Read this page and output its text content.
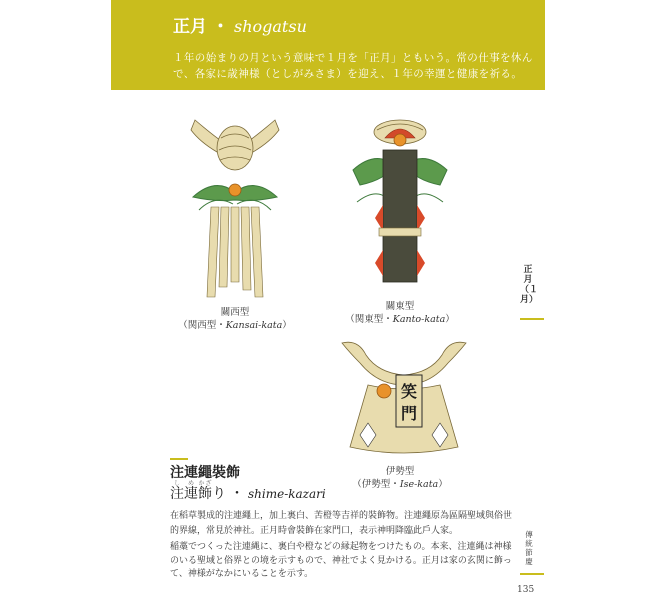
正月 ・ shogatsu
１年の始まりの月という意味で１月を「正月」ともいう。常の仕事を休んで、各家に歳神様（としがみさま）を迎え、１年の幸運と健康を祈る。
關西型
（関西型・Kansai-kata）
關東型
（関東型・Kanto-kata）
笑
門
伊勢型
（伊勢型・Ise-kata）
正月（１月）
傳統節慶
135
注連繩裝飾
注連しめ飾かざり ・ shime-kazari
在稻草製成的注連繩上，加上裏白、苦橙等吉祥的裝飾物。注連繩原為區隔聖域與俗世的界線，常見於神社。正月時會裝飾在家門口，表示神明降臨此戶人家。
稲藁でつくった注連縄に、裏白や橙などの縁起物をつけたもの。本来、注連縄は神様のいる聖域と俗界との境を示すもので、神社でよく見かける。正月は家の玄関に飾って、神様がなかにいることを示す。
